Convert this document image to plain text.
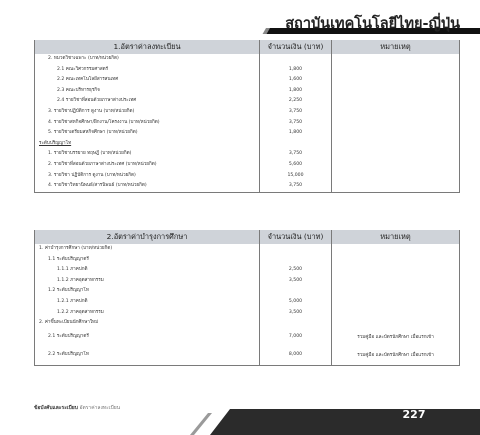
สถาบันเทคโนโลยีไทย-ญี่ปุ่น
1.อัตราค่าลงทะเบียน	จำนวนเงิน (บาท)	หมายเหตุ
2. หมวดวิชาเฉพาะ (บาท/หน่วยกิต)		
2.1 คณะวิศวกรรมศาสตร์	1,800	
2.2 คณะเทคโนโลยีสารสนเทศ	1,600	
2.3 คณะบริหารธุรกิจ	1,800	
2.4 รายวิชาที่สอนด้วยภาษาต่างประเทศ	2,250	
3. รายวิชาปฏิบัติการ ดูงาน (บาท/หน่วยกิต)	3,750	
4. รายวิชาสหกิจศึกษา/ฝึกงาน/โครงงาน (บาท/หน่วยกิต)	3,750	
5. รายวิชาเตรียมสหกิจศึกษา (บาท/หน่วยกิต)	1,800	
ระดับปริญญาโท		
1. รายวิชาบรรยาย ทฤษฎี (บาท/หน่วยกิต)	3,750	
2. รายวิชาที่สอนด้วยภาษาต่างประเทศ (บาท/หน่วยกิต)	5,600	
3. รายวิชา ปฏิบัติการ ดูงาน (บาท/หน่วยกิต)	15,000	
4. รายวิชาวิทยานิพนธ์/สารนิพนธ์ (บาท/หน่วยกิต)	3,750	
2.อัตราค่าบำรุงการศึกษา	จำนวนเงิน (บาท)	หมายเหตุ
1. ค่าบำรุงการศึกษา (บาท/หน่วยกิต)		
1.1 ระดับปริญญาตรี		
1.1.1 ภาคปกติ	2,500	
1.1.2 ภาคอุตสาหกรรม	3,500	
1.2 ระดับปริญญาโท		
1.2.1 ภาคปกติ	5,000	
1.2.2 ภาคอุตสาหกรรม	3,500	
2. ค่าขึ้นทะเบียนนักศึกษาใหม่		
2.1 ระดับปริญญาตรี	7,000	รวมคู่มือ และบัตรนักศึกษา เมื่อแรกเข้า
2.2 ระดับปริญญาโท	8,000	รวมคู่มือ และบัตรนักศึกษา เมื่อแรกเข้า
ข้อบังคับและระเบียบ อัตราค่าลงทะเบียน	227
